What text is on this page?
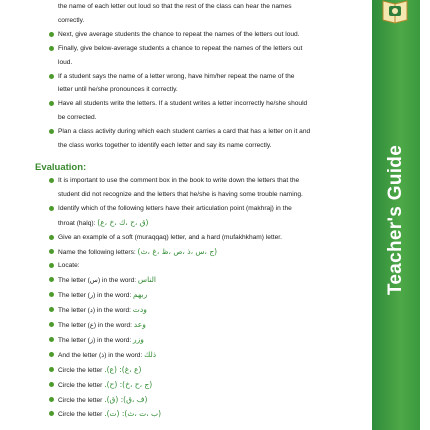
the name of each letter out loud so that the rest of the class can hear the names
correctly.
Next, give average students the chance to repeat the names of the letters out loud.
Finally, give below-average students a chance to repeat the names of the letters out
loud.
If a student says the name of a letter wrong, have him/her repeat the name of the
letter until he/she pronounces it correctly.
Have all students write the letters. If a student writes a letter incorrectly he/she should
be corrected.
Plan a class activity during which each student carries a card that has a letter on it and
the class works together to identify each letter and say its name correctly.
Evaluation:
It is important to use the comment box in the book to write down the letters that the
student did not recognize and the letters that he/she is having some trouble naming.
Identify which of the following letters have their articulation point (makhraj) in the
throat (halq): (ق ،ح ،ك ،خ ،ع)
Give an example of a soft (muraqqaq) letter, and a hard (mufakhkham) letter.
Name the following letters: (ج ،س ،ذ ،ص ،ظ ،غ ،ث)
Locate:
The letter (س) in the word: الناس
The letter (ر) in the word: ربهم
The letter (د) in the word: ودت
The letter (ع) in the word: وعد
The letter (ز) in the word: وزر
And the letter (ذ) in the word: ذلك
Circle the letter (ع ،غ): (ع).
Circle the letter (ج ،ح ،خ): (ح).
Circle the letter (ف ،ق): (ق).
Circle the letter (ب ،ت ،ث): (ت).
Teacher's Guide
